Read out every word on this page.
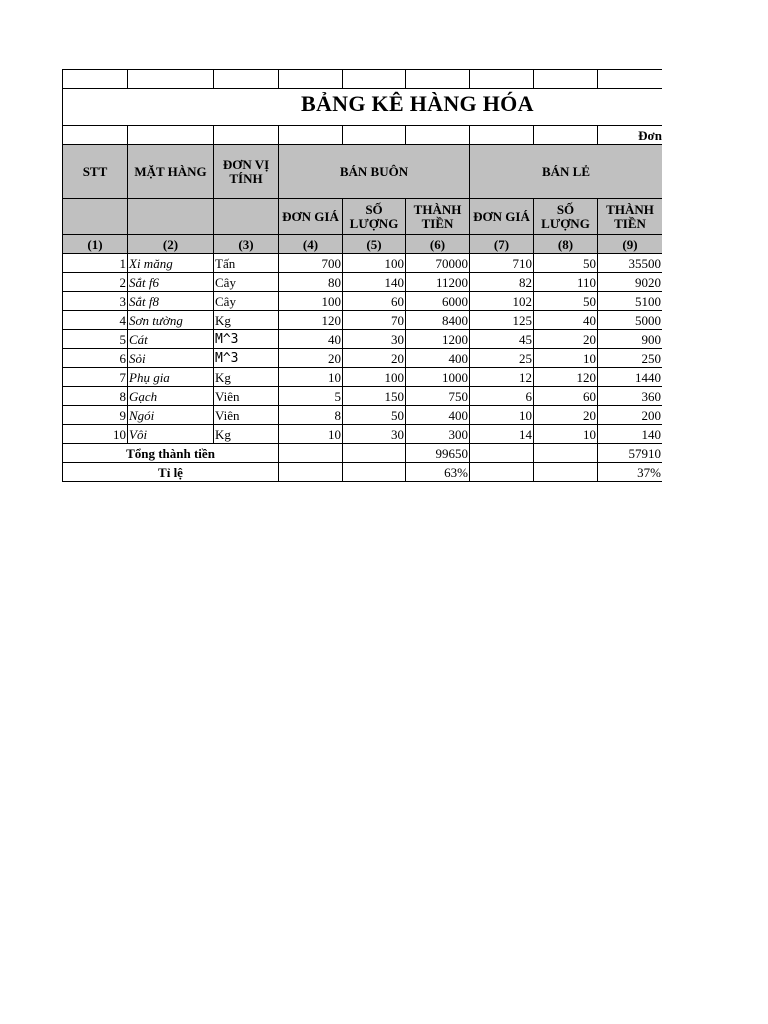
BẢNG KÊ HÀNG HÓA								

								Đơn
STT	MẶT HÀNG	ĐƠN VỊ TÍNH	BÁN BUÔN			BÁN LẺ		
			ĐƠN GIÁ	SỐ LƯỢNG	THÀNH TIỀN	ĐƠN GIÁ	SỐ LƯỢNG	THÀNH TIỀN
(1)	(2)	(3)	(4)	(5)	(6)	(7)	(8)	(9)
1	Xi măng	Tấn	700	100	70000	710	50	35500
2	Sắt f6	Cây	80	140	11200	82	110	9020
3	Sắt f8	Cây	100	60	6000	102	50	5100
4	Sơn tường	Kg	120	70	8400	125	40	5000
5	Cát	M^3	40	30	1200	45	20	900
6	Sỏi	M^3	20	20	400	25	10	250
7	Phụ gia	Kg	10	100	1000	12	120	1440
8	Gạch	Viên	5	150	750	6	60	360
9	Ngói	Viên	8	50	400	10	20	200
10	Vôi	Kg	10	30	300	14	10	140
Tổng thành tiền					99650			57910
Tỉ lệ					63%			37%
